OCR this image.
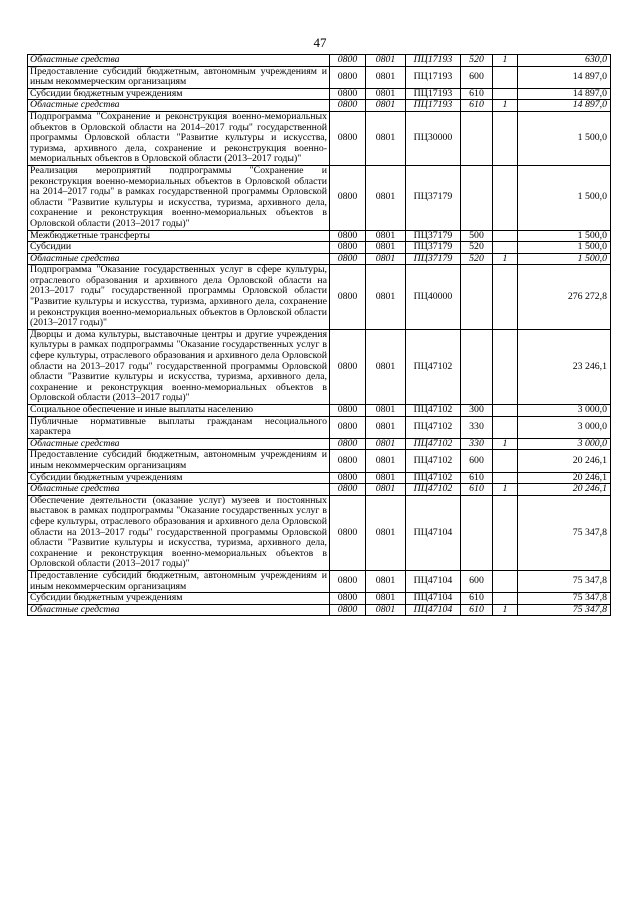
47
Областные средства	0800	0801	ПЦ17193	520	1	630,0
Предоставление субсидий бюджетным, автономным учреждениям и иным некоммерческим организациям	0800	0801	ПЦ17193	600		14 897,0
Субсидии бюджетным учреждениям	0800	0801	ПЦ17193	610		14 897,0
Областные средства	0800	0801	ПЦ17193	610	1	14 897,0
Подпрограмма "Сохранение и реконструкция военно-мемориальных объектов в Орловской области на 2014–2017 годы" государственной программы Орловской области "Развитие культуры и искусства, туризма, архивного дела, сохранение и реконструкция военно-мемориальных объектов в Орловской области (2013–2017 годы)"	0800	0801	ПЦ30000			1 500,0
Реализация мероприятий подпрограммы "Сохранение и реконструкция военно-мемориальных объектов в Орловской области на 2014–2017 годы" в рамках государственной программы Орловской области "Развитие культуры и искусства, туризма, архивного дела, сохранение и реконструкция военно-мемориальных объектов в Орловской области (2013–2017 годы)"	0800	0801	ПЦ37179			1 500,0
Межбюджетные трансферты	0800	0801	ПЦ37179	500		1 500,0
Субсидии	0800	0801	ПЦ37179	520		1 500,0
Областные средства	0800	0801	ПЦ37179	520	1	1 500,0
Подпрограмма "Оказание государственных услуг в сфере культуры, отраслевого образования и архивного дела Орловской области на 2013–2017 годы" государственной программы Орловской области "Развитие культуры и искусства, туризма, архивного дела, сохранение и реконструкция военно-мемориальных объектов в Орловской области (2013–2017 годы)"	0800	0801	ПЦ40000			276 272,8
Дворцы и дома культуры, выставочные центры и другие учреждения культуры в рамках подпрограммы "Оказание государственных услуг в сфере культуры, отраслевого образования и архивного дела Орловской области на 2013–2017 годы" государственной программы Орловской области "Развитие культуры и искусства, туризма, архивного дела, сохранение и реконструкция военно-мемориальных объектов в Орловской области (2013–2017 годы)"	0800	0801	ПЦ47102			23 246,1
Социальное обеспечение и иные выплаты населению	0800	0801	ПЦ47102	300		3 000,0
Публичные нормативные выплаты гражданам несоциального характера	0800	0801	ПЦ47102	330		3 000,0
Областные средства	0800	0801	ПЦ47102	330	1	3 000,0
Предоставление субсидий бюджетным, автономным учреждениям и иным некоммерческим организациям	0800	0801	ПЦ47102	600		20 246,1
Субсидии бюджетным учреждениям	0800	0801	ПЦ47102	610		20 246,1
Областные средства	0800	0801	ПЦ47102	610	1	20 246,1
Обеспечение деятельности (оказание услуг) музеев и постоянных выставок в рамках подпрограммы "Оказание государственных услуг в сфере культуры, отраслевого образования и архивного дела Орловской области на 2013–2017 годы" государственной программы Орловской области "Развитие культуры и искусства, туризма, архивного дела, сохранение и реконструкция военно-мемориальных объектов в Орловской области (2013–2017 годы)"	0800	0801	ПЦ47104			75 347,8
Предоставление субсидий бюджетным, автономным учреждениям и иным некоммерческим организациям	0800	0801	ПЦ47104	600		75 347,8
Субсидии бюджетным учреждениям	0800	0801	ПЦ47104	610		75 347,8
Областные средства	0800	0801	ПЦ47104	610	1	75 347,8
